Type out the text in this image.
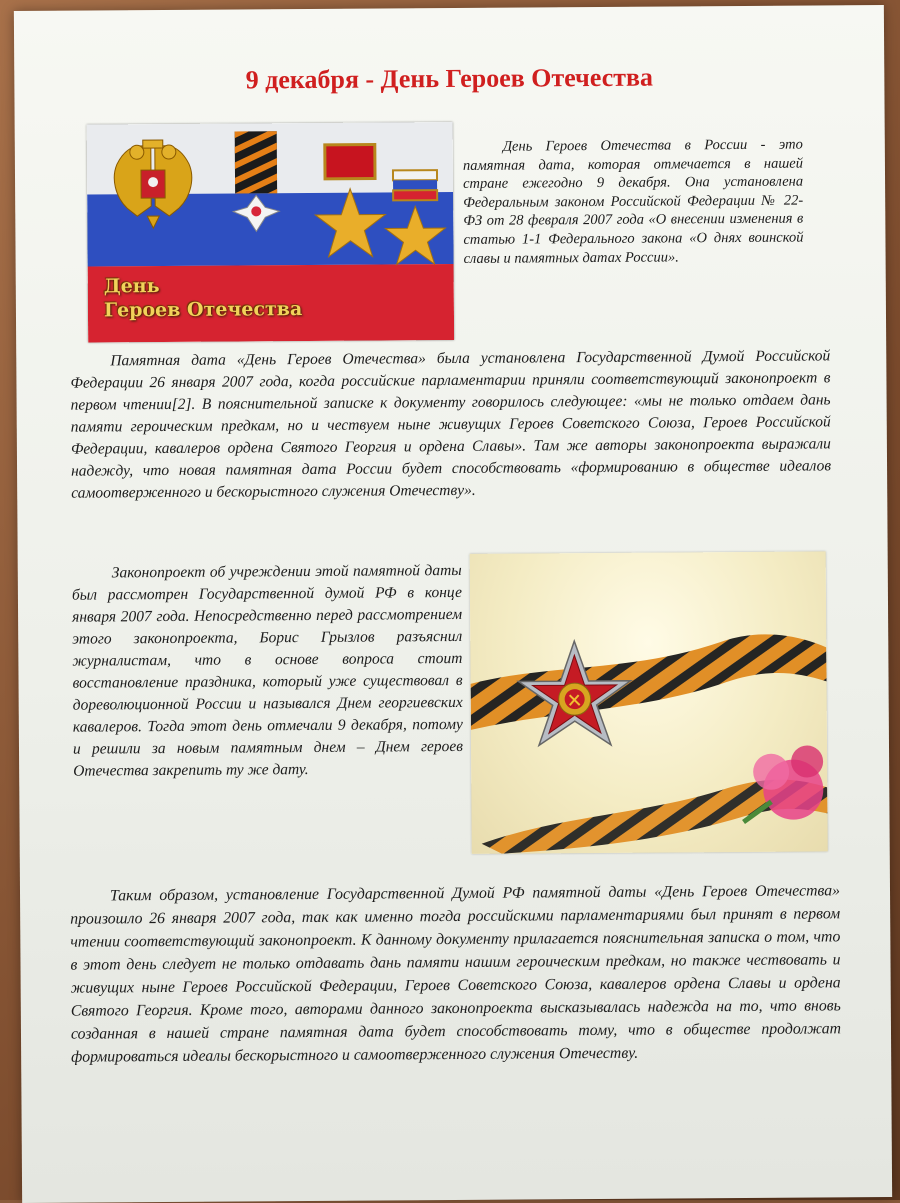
9 декабря - День Героев Отечества
День
Героев Отечества

День Героев Отечества в России - это памятная дата, которая отмечается в нашей стране ежегодно 9 декабря. Она установлена Федеральным законом Российской Федерации № 22-ФЗ от 28 февраля 2007 года «О внесении изменения в статью 1-1 Федерального закона «О днях воинской славы и памятных датах России».

Памятная дата «День Героев Отечества» была установлена Государственной Думой Российской Федерации 26 января 2007 года, когда российские парламентарии приняли соответствующий законопроект в первом чтении[2]. В пояснительной записке к документу говорилось следующее: «мы не только отдаем дань памяти героическим предкам, но и чествуем ныне живущих Героев Советского Союза, Героев Российской Федерации, кавалеров ордена Святого Георгия и ордена Славы». Там же авторы законопроекта выражали надежду, что новая памятная дата России будет способствовать «формированию в обществе идеалов самоотверженного и бескорыстного служения Отечеству».

Законопроект об учреждении этой памятной даты был рассмотрен Государственной думой РФ в конце января 2007 года. Непосредственно перед рассмотрением этого законопроекта, Борис Грызлов разъяснил журналистам, что в основе вопроса стоит восстановление праздника, который уже существовал в дореволюционной России и назывался Днем георгиевских кавалеров. Тогда этот день отмечали 9 декабря, потому и решили за новым памятным днем – Днем героев Отечества закрепить ту же дату.

Таким образом, установление Государственной Думой РФ памятной даты «День Героев Отечества» произошло 26 января 2007 года, так как именно тогда российскими парламентариями был принят в первом чтении соответствующий законопроект. К данному документу прилагается пояснительная записка о том, что в этот день следует не только отдавать дань памяти нашим героическим предкам, но также чествовать и живущих ныне Героев Российской Федерации, Героев Советского Союза, кавалеров ордена Славы и ордена Святого Георгия. Кроме того, авторами данного законопроекта высказывалась надежда на то, что вновь созданная в нашей стране памятная дата будет способствовать тому, что в обществе продолжат формироваться идеалы бескорыстного и самоотверженного служения Отечеству.
